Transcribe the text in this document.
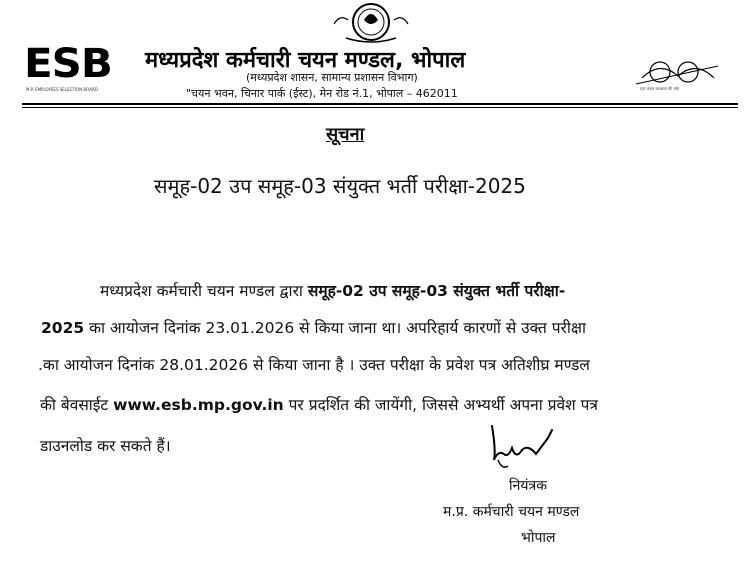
ESB
M.P. EMPLOYEES SELECTION BOARD
मध्यप्रदेश कर्मचारी चयन मण्डल, भोपाल
(मध्यप्रदेश शासन, सामान्य प्रशासन विभाग)
"चयन भवन, चिनार पार्क (ईस्ट), मेन रोड नं.1, भोपाल – 462011	एक कदम स्वच्छता की ओर
सूचना
समूह-02 उप समूह-03 संयुक्त भर्ती परीक्षा-2025
मध्यप्रदेश कर्मचारी चयन मण्डल द्वारा समूह-02 उप समूह-03 संयुक्त भर्ती परीक्षा-
2025 का आयोजन दिनांक 23.01.2026 से किया जाना था। अपरिहार्य कारणों से उक्त परीक्षा
.का आयोजन दिनांक 28.01.2026 से किया जाना है । उक्त परीक्षा के प्रवेश पत्र अतिशीघ्र मण्डल
की बेवसाईट www.esb.mp.gov.in पर प्रदर्शित की जायेंगी, जिससे अभ्यर्थी अपना प्रवेश पत्र
डाउनलोड कर सकते हैं।
नियंत्रक
म.प्र. कर्मचारी चयन मण्डल
भोपाल
